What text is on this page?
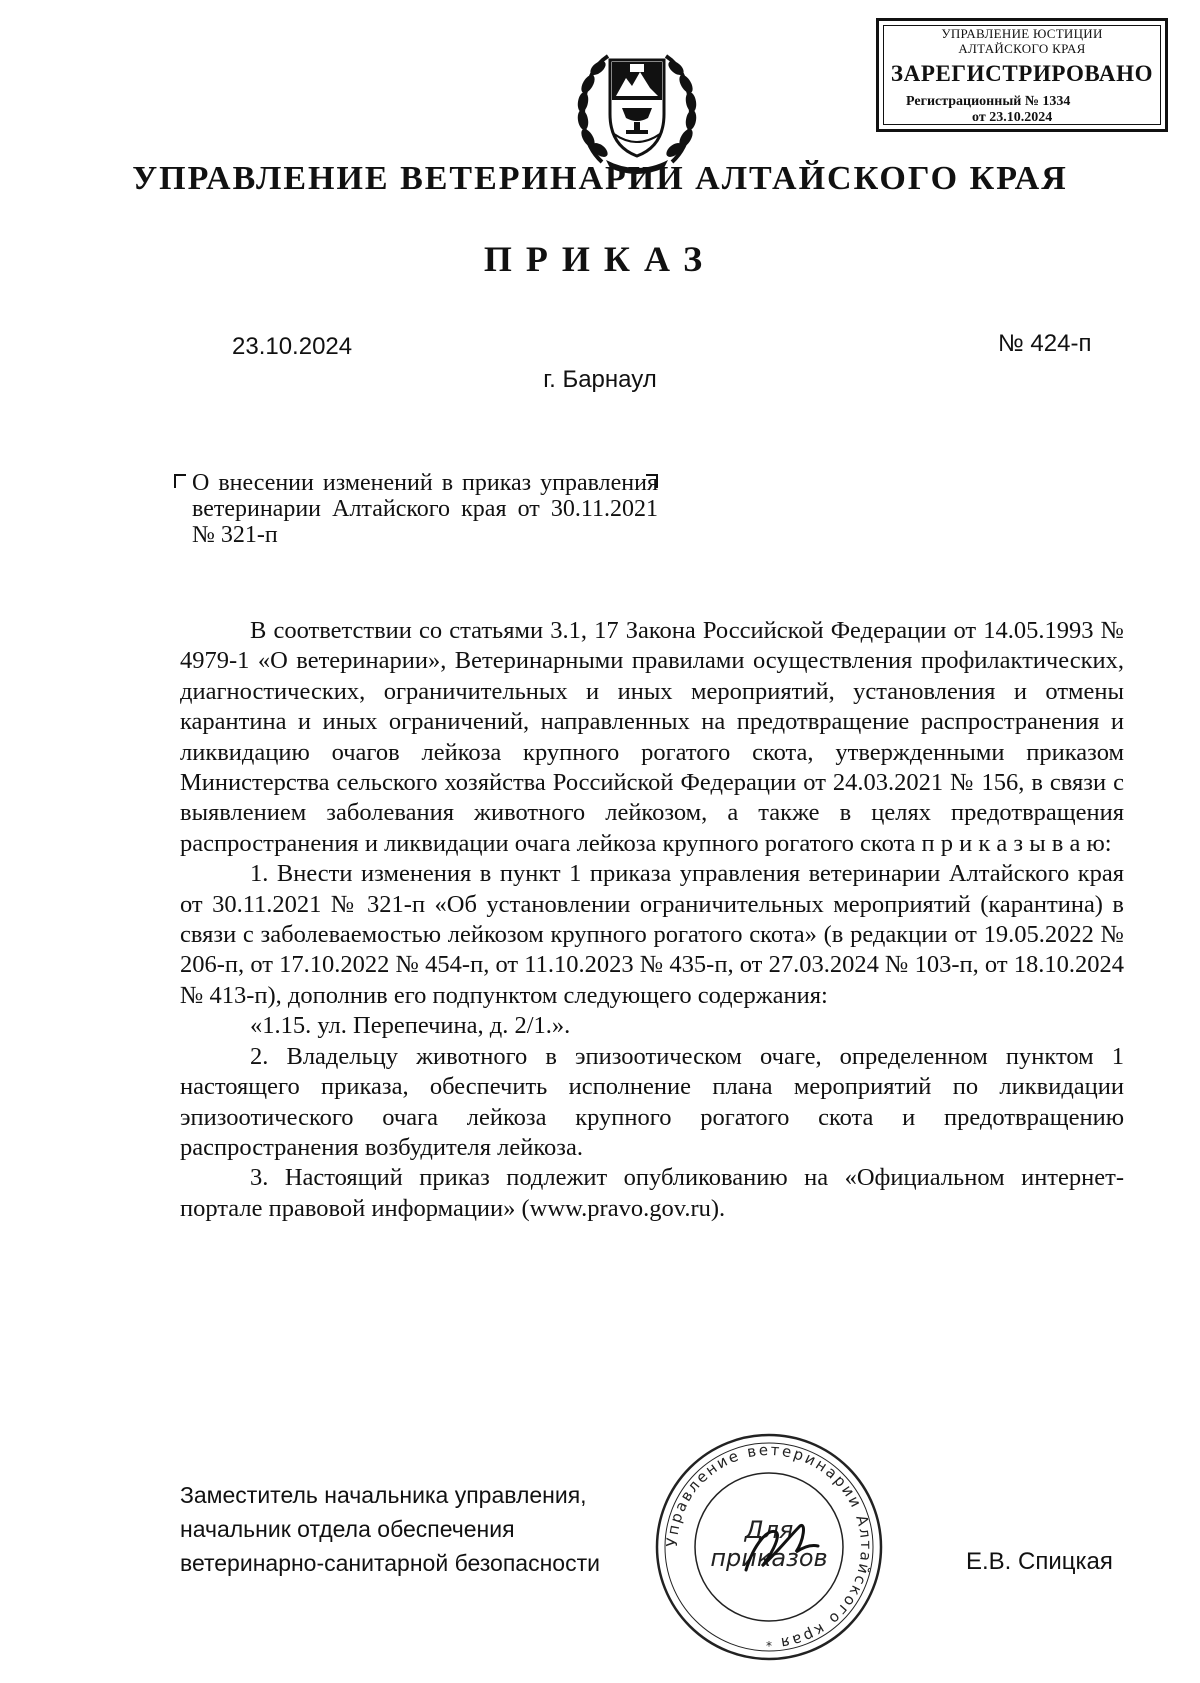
УПРАВЛЕНИЕ ЮСТИЦИИ
АЛТАЙСКОГО КРАЯ
ЗАРЕГИСТРИРОВАНО
Регистрационный № 1334
от 23.10.2024
УПРАВЛЕНИЕ ВЕТЕРИНАРИИ АЛТАЙСКОГО КРАЯ
ПРИКАЗ
23.10.2024	№ 424-п
г. Барнаул
О внесении изменений в приказ управления ветеринарии Алтайского края от 30.11.2021 № 321-п

В соответствии со статьями 3.1, 17 Закона Российской Федерации от 14.05.1993 № 4979-1 «О ветеринарии», Ветеринарными правилами осуществления профилактических, диагностических, ограничительных и иных мероприятий, установления и отмены карантина и иных ограничений, направленных на предотвращение распространения и ликвидацию очагов лейкоза крупного рогатого скота, утвержденными приказом Министерства сельского хозяйства Российской Федерации от 24.03.2021 № 156, в связи с выявлением заболевания животного лейкозом, а также в целях предотвращения распространения и ликвидации очага лейкоза крупного рогатого скота п р и к а з ы в а ю:

1. Внести изменения в пункт 1 приказа управления ветеринарии Алтайского края от 30.11.2021 № 321-п «Об установлении ограничительных мероприятий (карантина) в связи с заболеваемостью лейкозом крупного рогатого скота» (в редакции от 19.05.2022 № 206-п, от 17.10.2022 № 454-п, от 11.10.2023 № 435-п, от 27.03.2024 № 103-п, от 18.10.2024 № 413-п), дополнив его подпунктом следующего содержания:

«1.15. ул. Перепечина, д. 2/1.».

2. Владельцу животного в эпизоотическом очаге, определенном пунктом 1 настоящего приказа, обеспечить исполнение плана мероприятий по ликвидации эпизоотического очага лейкоза крупного рогатого скота и предотвращению распространения возбудителя лейкоза.

3. Настоящий приказ подлежит опубликованию на «Официальном интернет-портале правовой информации» (www.pravo.gov.ru).

Заместитель начальника управления,
начальник отдела обеспечения
ветеринарно-санитарной безопасности	Е.В. Спицкая
Управление ветеринарии Алтайского края
Для
приказов
*
